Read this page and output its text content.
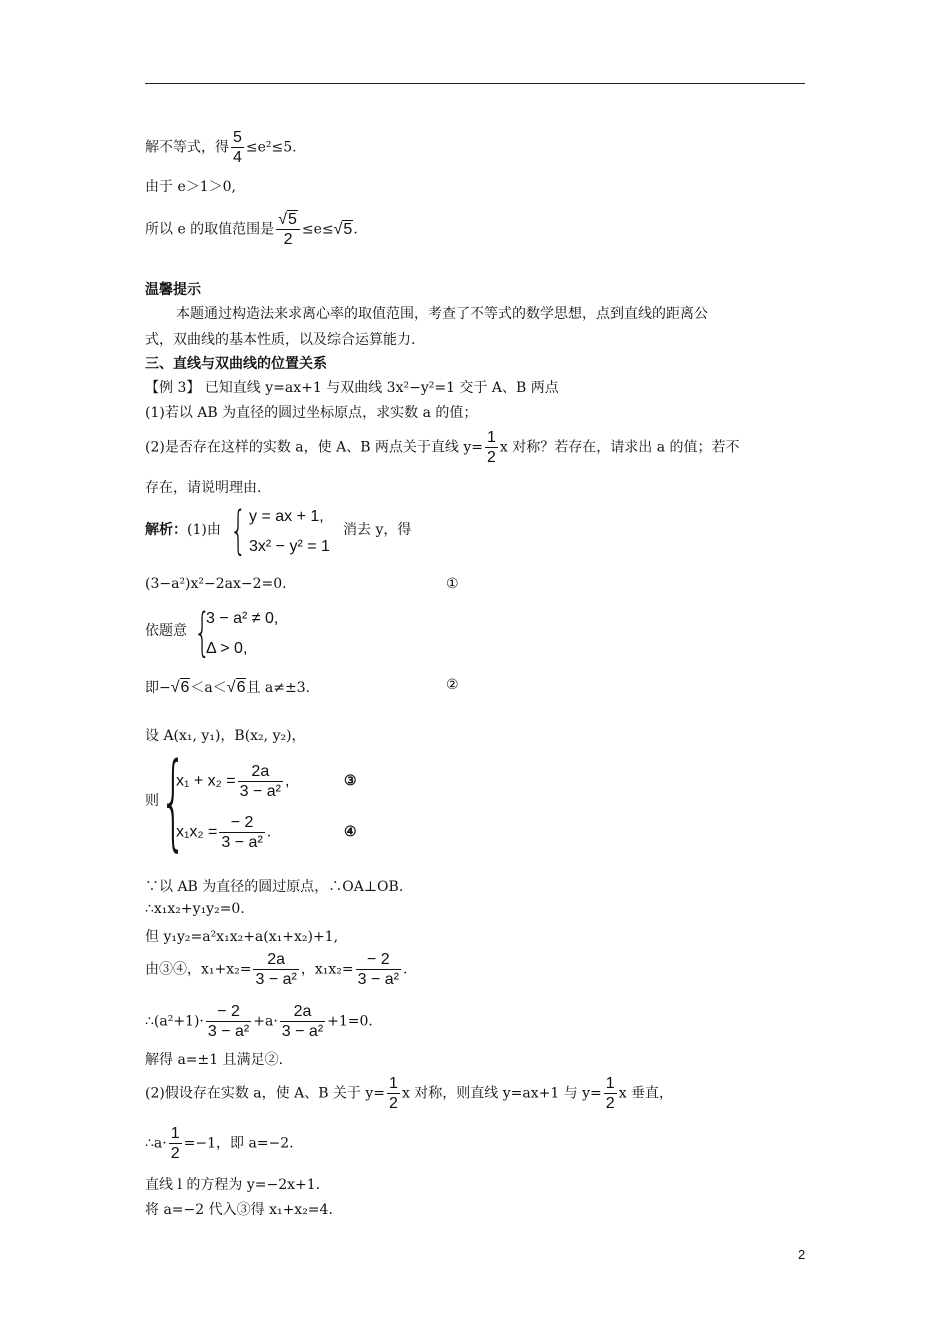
解不等式，得 $\frac{5}{4} \le e^2\le 5$.
由于 e＞1＞0,
所以 e 的取值范围是 $\frac{√5}{2} \le e\le√5$.
温馨提示
本题通过构造法来求离心率的取值范围，考查了不等式的数学思想，点到直线的距离公
式，双曲线的基本性质，以及综合运算能力.
三、直线与双曲线的位置关系
【例 3】 已知直线 y=ax+1 与双曲线 3x²−y²=1 交于 A、B 两点
(1)若以 AB 为直径的圆过坐标原点，求实数 a 的值；
(2)是否存在这样的实数 a，使 A、B 两点关于直线 $y= \frac{1}{2}$ x 对称？若存在，请求出 a 的值；若不
存在，请说明理由.
解析：(1)由 { y = ax + 1,
3x² − y² = 1
消去 y，得
(3−a²)x²−2ax−2=0.	①
依题意 {
3 − a² ≠ 0,
Δ > 0,
即−√6＜a＜√6且 a≠±3.	②
设 A(x₁, y₁)，B(x₂, y₂)，
则 {
$x_1 + x_2 = \frac{2a}{\text{3 − a²}}$ ,	③
$x_1x_2 = \frac{- 2}{\text{3 − a²}}$ .	④
∵以 AB 为直径的圆过原点，∴OA⊥OB.
∴x₁x₂+y₁y₂=0.
但 y₁y₂=a²x₁x₂+a(x₁+x₂)+1,
由③④，$x_1+x_2= \frac{2a}{\text{3 − a²}}$ ，$x_1x_2= \frac{- 2}{\text{3 − a²}}$ .
∴(a²+1)· $\frac{- 2}{\text{3 − a²}} +a\cdot \frac{2a}{\text{3 − a²}} +1=0$.
解得 a=±1 且满足②.
(2)假设存在实数 a，使 A、B 关于 $y= \frac{1}{2}$ x 对称，则直线 y=ax+1 与 $y= \frac{1}{2}$ x 垂直，
∴a· $\frac{1}{2} =-1$，即 a=−2.
直线 l 的方程为 y=−2x+1.
将 a=−2 代入③得 x₁+x₂=4.
2
